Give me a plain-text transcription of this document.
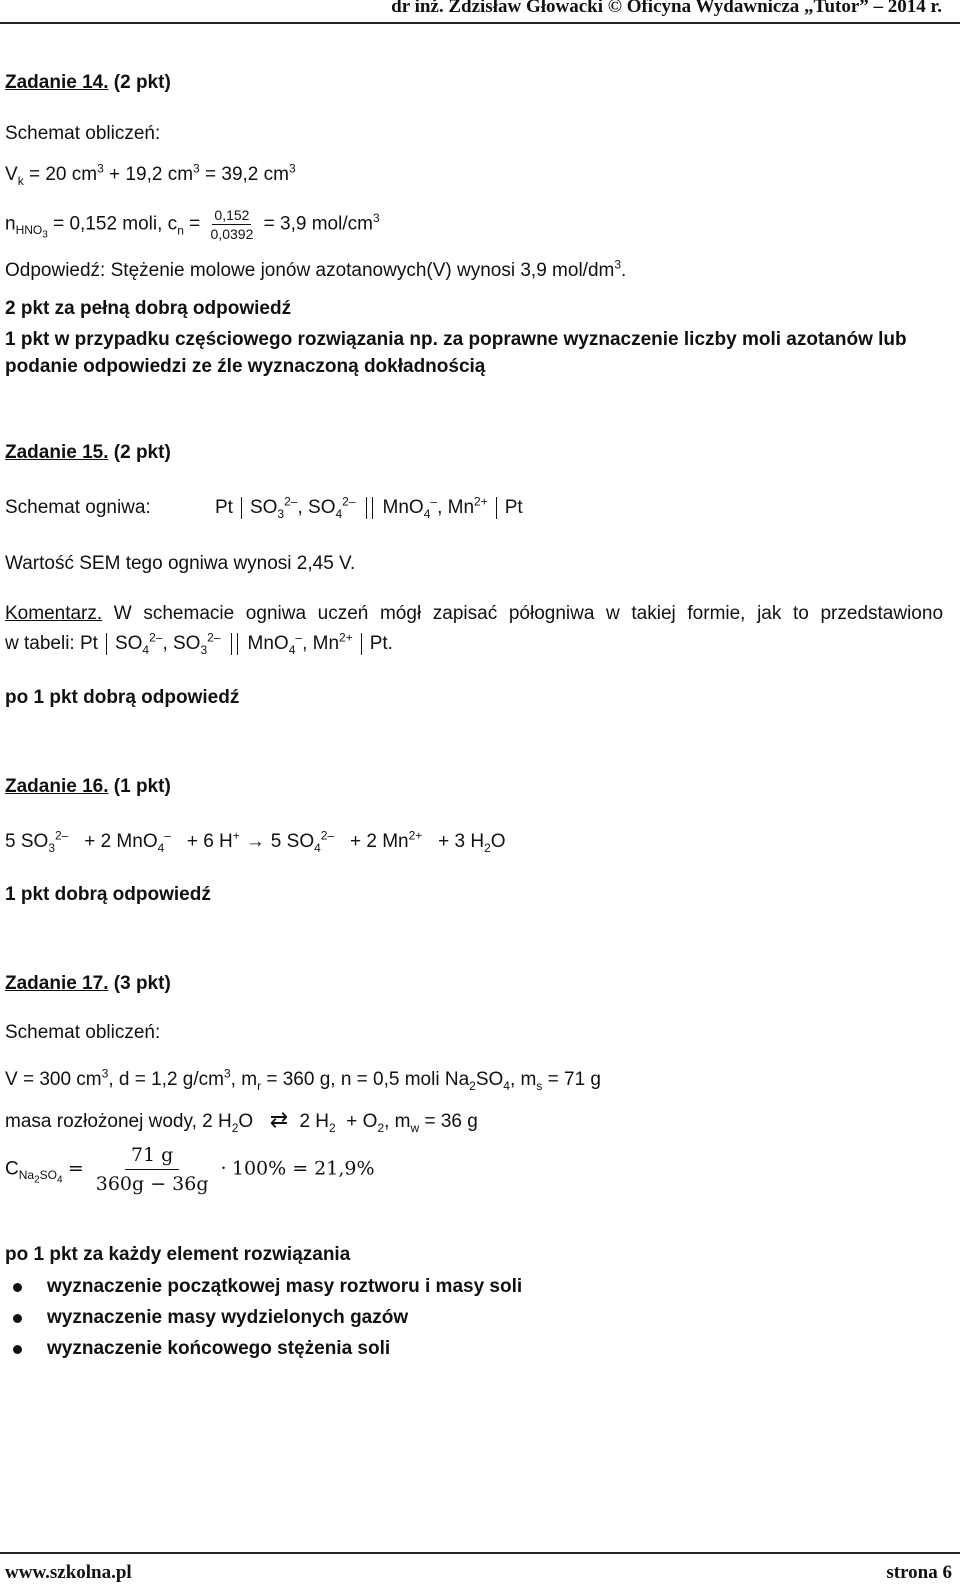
dr inż. Zdzisław Głowacki © Oficyna Wydawnicza „Tutor” – 2014 r.
Zadanie 14. (2 pkt)
Schemat obliczeń:
$V_k = 20$ $cm^3 + 19,2$ $cm^3 = 39,2$ $cm^3$
$n_{HNO_3} = 0,152$ moli, $c_n = \frac{0,152}{0,0392} = 3,9$ mol/$cm^3$
Odpowiedź: Stężenie molowe jonów azotanowych(V) wynosi 3,9 mol/$dm^3$.
2 pkt za pełną dobrą odpowiedź
1 pkt w przypadku częściowego rozwiązania np. za poprawne wyznaczenie liczby moli azotanów lub
podanie odpowiedzi ze źle wyznaczoną dokładnością
Zadanie 15. (2 pkt)
Schemat ogniwa:	Pt $SO_3^{2-}$, $SO_4^{2-}$ MnO$_4$–, $Mn^{2+}$ Pt
Wartość SEM tego ogniwa wynosi 2,45 V.
Komentarz. W schemacie ogniwa uczeń mógł zapisać półogniwa w takiej formie, jak to przedstawiono
w tabeli: Pt $SO_4^{2-}$, $SO_3^{2-}$ MnO$_4$–, $Mn^{2+}$ Pt.
po 1 pkt dobrą odpowiedź
Zadanie 16. (1 pkt)
5 $SO_3^{2-} + 2$ MnO$_4$– + 6 H+ → 5 $SO_4^{2-} + 2$ $Mn^{2+} + 3$ $H_2O$
1 pkt dobrą odpowiedź
Zadanie 17. (3 pkt)
Schemat obliczeń:
V = 300 $cm^3$, d = 1,2 $g/cm^3$, $m_r = 360$ g, n = 0,5 moli $Na_2SO_4$, $m_s = 71$ g
masa rozłożonej wody, 2 $H_2O$ ⇄ 2 $H_2 + O_2$, $m_w = 36$ g
$C_{Na_2SO_4} = \frac{71 g}{360g - 36g} \cdot 100\% = 21,9\%$
po 1 pkt za każdy element rozwiązania
wyznaczenie początkowej masy roztworu i masy soli
wyznaczenie masy wydzielonych gazów
wyznaczenie końcowego stężenia soli
www.szkolna.pl	strona 6
